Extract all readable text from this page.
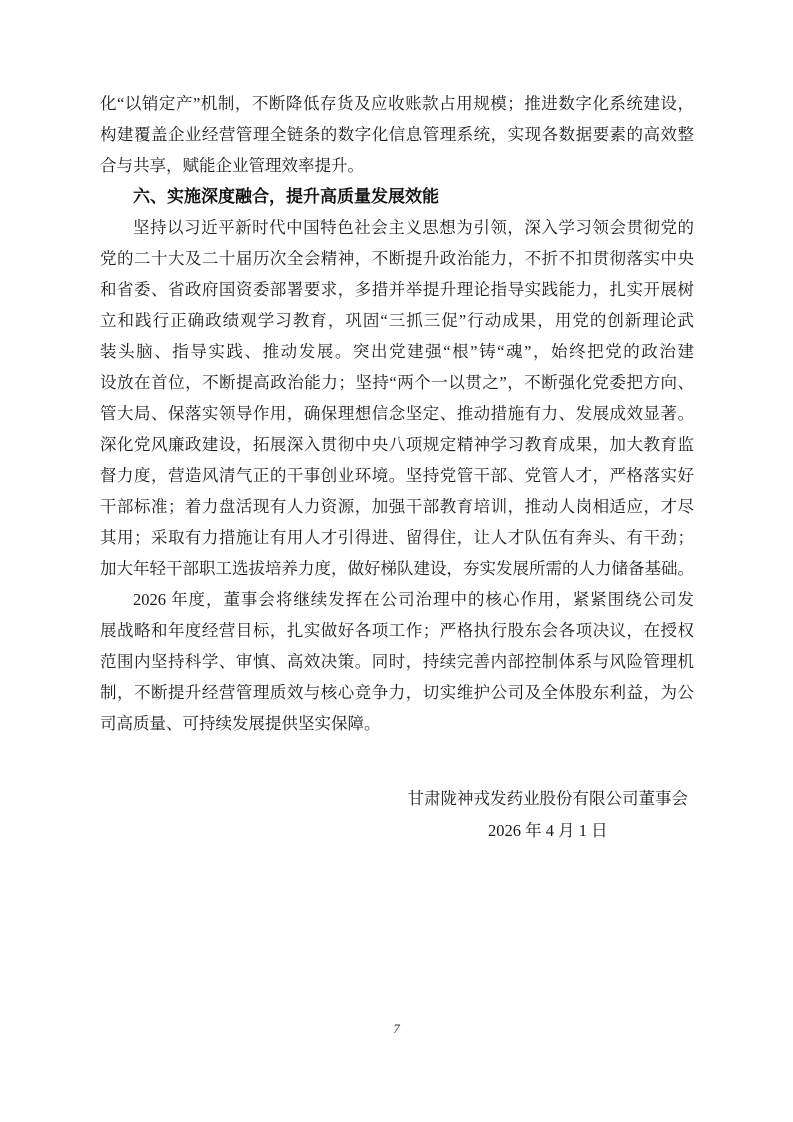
化“以销定产”机制，不断降低存货及应收账款占用规模；推进数字化系统建设，
构建覆盖企业经营管理全链条的数字化信息管理系统，实现各数据要素的高效整
合与共享，赋能企业管理效率提升。
六、实施深度融合，提升高质量发展效能
坚持以习近平新时代中国特色社会主义思想为引领，深入学习领会贯彻党的
党的二十大及二十届历次全会精神，不断提升政治能力，不折不扣贯彻落实中央
和省委、省政府国资委部署要求，多措并举提升理论指导实践能力，扎实开展树
立和践行正确政绩观学习教育，巩固“三抓三促”行动成果，用党的创新理论武
装头脑、指导实践、推动发展。突出党建强“根”铸“魂”，始终把党的政治建
设放在首位，不断提高政治能力；坚持“两个一以贯之”，不断强化党委把方向、
管大局、保落实领导作用，确保理想信念坚定、推动措施有力、发展成效显著。
深化党风廉政建设，拓展深入贯彻中央八项规定精神学习教育成果，加大教育监
督力度，营造风清气正的干事创业环境。坚持党管干部、党管人才，严格落实好
干部标准；着力盘活现有人力资源，加强干部教育培训，推动人岗相适应，才尽
其用；采取有力措施让有用人才引得进、留得住，让人才队伍有奔头、有干劲；
加大年轻干部职工选拔培养力度，做好梯队建设，夯实发展所需的人力储备基础。
2026 年度，董事会将继续发挥在公司治理中的核心作用，紧紧围绕公司发
展战略和年度经营目标，扎实做好各项工作；严格执行股东会各项决议，在授权
范围内坚持科学、审慎、高效决策。同时，持续完善内部控制体系与风险管理机
制，不断提升经营管理质效与核心竞争力，切实维护公司及全体股东利益，为公
司高质量、可持续发展提供坚实保障。
甘肃陇神戎发药业股份有限公司董事会
2026 年 4 月 1 日
7
